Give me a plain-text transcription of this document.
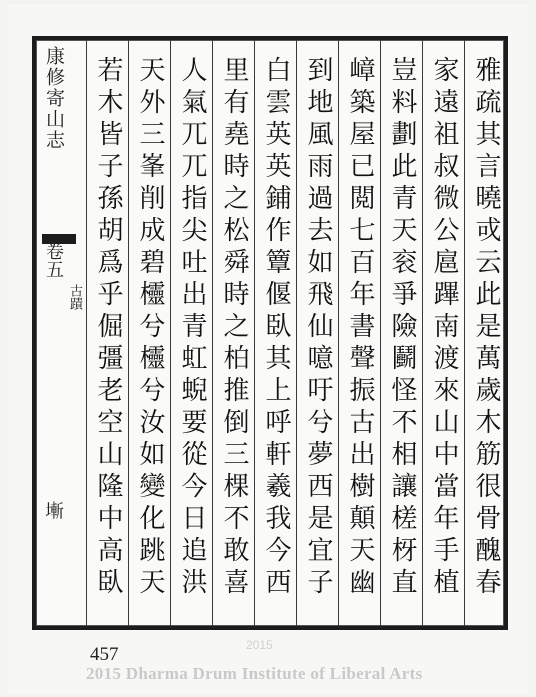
康修寄山志
卷五
古蹟
𡐛
雅疏其言曉戓云此是萬歲木筋很骨醜春
家遠祖叔微公扈蹕南渡來山中當年手植
豈料劃此青天衮爭險鬬怪不相讓槎枒直
嶂築屋已閲七百年書聲振古出樹顛天幽
到地風雨過去如飛仙噫吁兮夢西是宜子
白雲英英鋪作簟偃臥其上呼軒羲我今西
里有堯時之松舜時之柏推倒三棵不敢喜
人氣兀兀指尖吐出青虹蜺要從今日追洪
天外三峯削成碧欞兮欞兮汝如變化跳天
若木皆子孫胡爲乎倔彊老空山隆中高臥
2015
457
2015 Dharma Drum Institute of Liberal Arts
